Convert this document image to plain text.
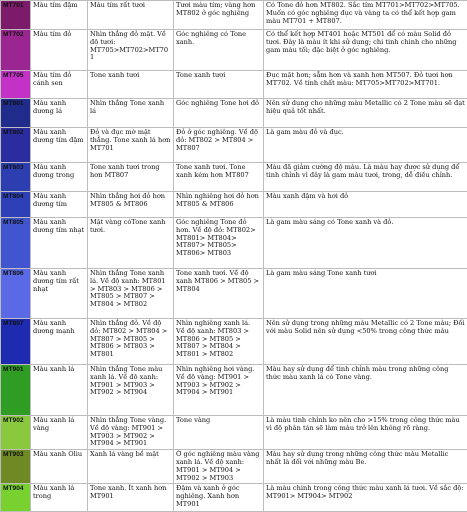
MT701	Màu tím đậm	Màu tím rất tươi	Tươi màu tím; vàng hơn MT802 ở góc nghiêng	Có Tone đỏ hơn MT802. Sắc tím MT701>MT702>MT705. Muốn có góc nghiêng đục và vàng ta có thể kết hợp gam màu MT701 + MT807.
MT702	Màu tím đỏ	Nhìn thẳng đỏ mặt. Về độ tươi: MT705>MT702>MT701	Góc nghiêng có Tone xanh.	Có thể kết hợp MT401 hoặc MT501 để có màu Solid đỏ tươi. Đây là màu ít khi sử dụng; chi tinh chinh cho những gam màu tối; đặc biệt ở góc nghiêng.
MT705	Màu tím đỏ cánh sen	Tone xanh tươi	Tone xanh tươi	Đục mặt hơn; sẫm hơn và xanh hơn MT507. Đỏ tươi hơn MT702. Về tính chất màu: MT705>MT702>MT701.
MT801	Màu xanh dương lá	Nhìn thẳng Tone xanh lá	Góc nghiêng Tone hơi đỏ	Nên sử dụng cho những màu Metallic có 2 Tone màu sẽ đạt hiệu quả tốt nhất.
MT802	Màu xanh dương tím đậm	Đỏ và đục mờ mặt thẳng. Tone xanh lá hơn MT701	Đỏ ở góc nghiêng. Về độ đỏ: MT802 > MT804 > MT807	Là gam màu đỏ và đục.
MT803	Màu xanh dương trong	Tone xanh tươi trong hơn MT807	Tone xanh tươi. Tone xanh kém hơn MT807	Màu đã giảm cường độ màu. Là màu hay được sử dụng để tinh chỉnh vì đây là gam màu tươi, trong, dễ điều chỉnh.
MT804	Màu xanh dương tím	Nhìn thẳng hơi đỏ hơn MT805 & MT806	Nhìn nghiêng hơi đỏ hơn MT805 & MT806	Màu xanh đậm và hơi đỏ
MT805	Màu xanh dương tím nhạt	Mặt vàng cóTone xanh tươi.	Góc nghiêng Tone đỏ hơn. Về độ đỏ: MT802> MT801> MT804> MT807> MT805> MT806> MT803	Là gam màu sáng có Tone xanh và đỏ.
MT806	Màu xanh dương tím rất nhạt	Nhìn thẳng Tone xanh lá. Về độ xanh: MT801 > MT803 > MT806 > MT805 > MT807 > MT804 > MT802	Tone xanh tươi. Về độ xanh MT806 > MT805 > MT804	Là gam màu sáng Tone xanh tươi
MT807	Màu xanh dương mạnh	Nhìn thẳng đỏ. Về độ đỏ: MT802 > MT804 > MT807 > MT805 > MT806 > MT803 > MT801	Nhìn nghiêng xanh lá. Về độ xanh: MT803 > MT806 > MT805 > MT807 > MT804 > MT801 > MT802	Nên sử dụng trong những màu Metallic có 2 Tone màu; Đối với màu Solid nên sử dụng <50% trong công thức màu
MT901	Màu xanh lá	Nhìn thẳng Tone màu xanh lá. Về độ xanh: MT901 > MT903 > MT902 > MT904	Nhìn nghiêng hơi vàng. Về độ vàng: MT901 > MT903 > MT902 > MT904 > MT901	Màu hay sử dụng để tinh chỉnh màu trong những công thức màu xanh lá có Tone vàng.
MT902	Màu xanh lá vàng	Nhìn thẳng Tone vàng. Về độ vàng: MT901 > MT903 > MT902 > MT904 > MT901	Tone vàng	Là màu tinh chỉnh ko nên cho >15% trong công thức màu vì độ phân tán sẽ làm màu trở lên không rõ ràng.
MT903	Màu xanh Oliu	Xanh lá vàng bề mặt	Ở góc nghiêng màu vàng xanh lá. Về độ xanh: MT901 > MT904 > MT902 > MT903	Màu hay sử dụng trong những công thức màu Metallic nhất là đối với những màu Be.
MT904	Màu xanh lá trong	Tone xanh. Ít xanh hơn MT901	Đậm và xanh ở góc nghiêng. Xanh hơn MT901	Là màu chinh trong công thức màu xanh lá tươi. Về sắc độ: MT901> MT904> MT902
